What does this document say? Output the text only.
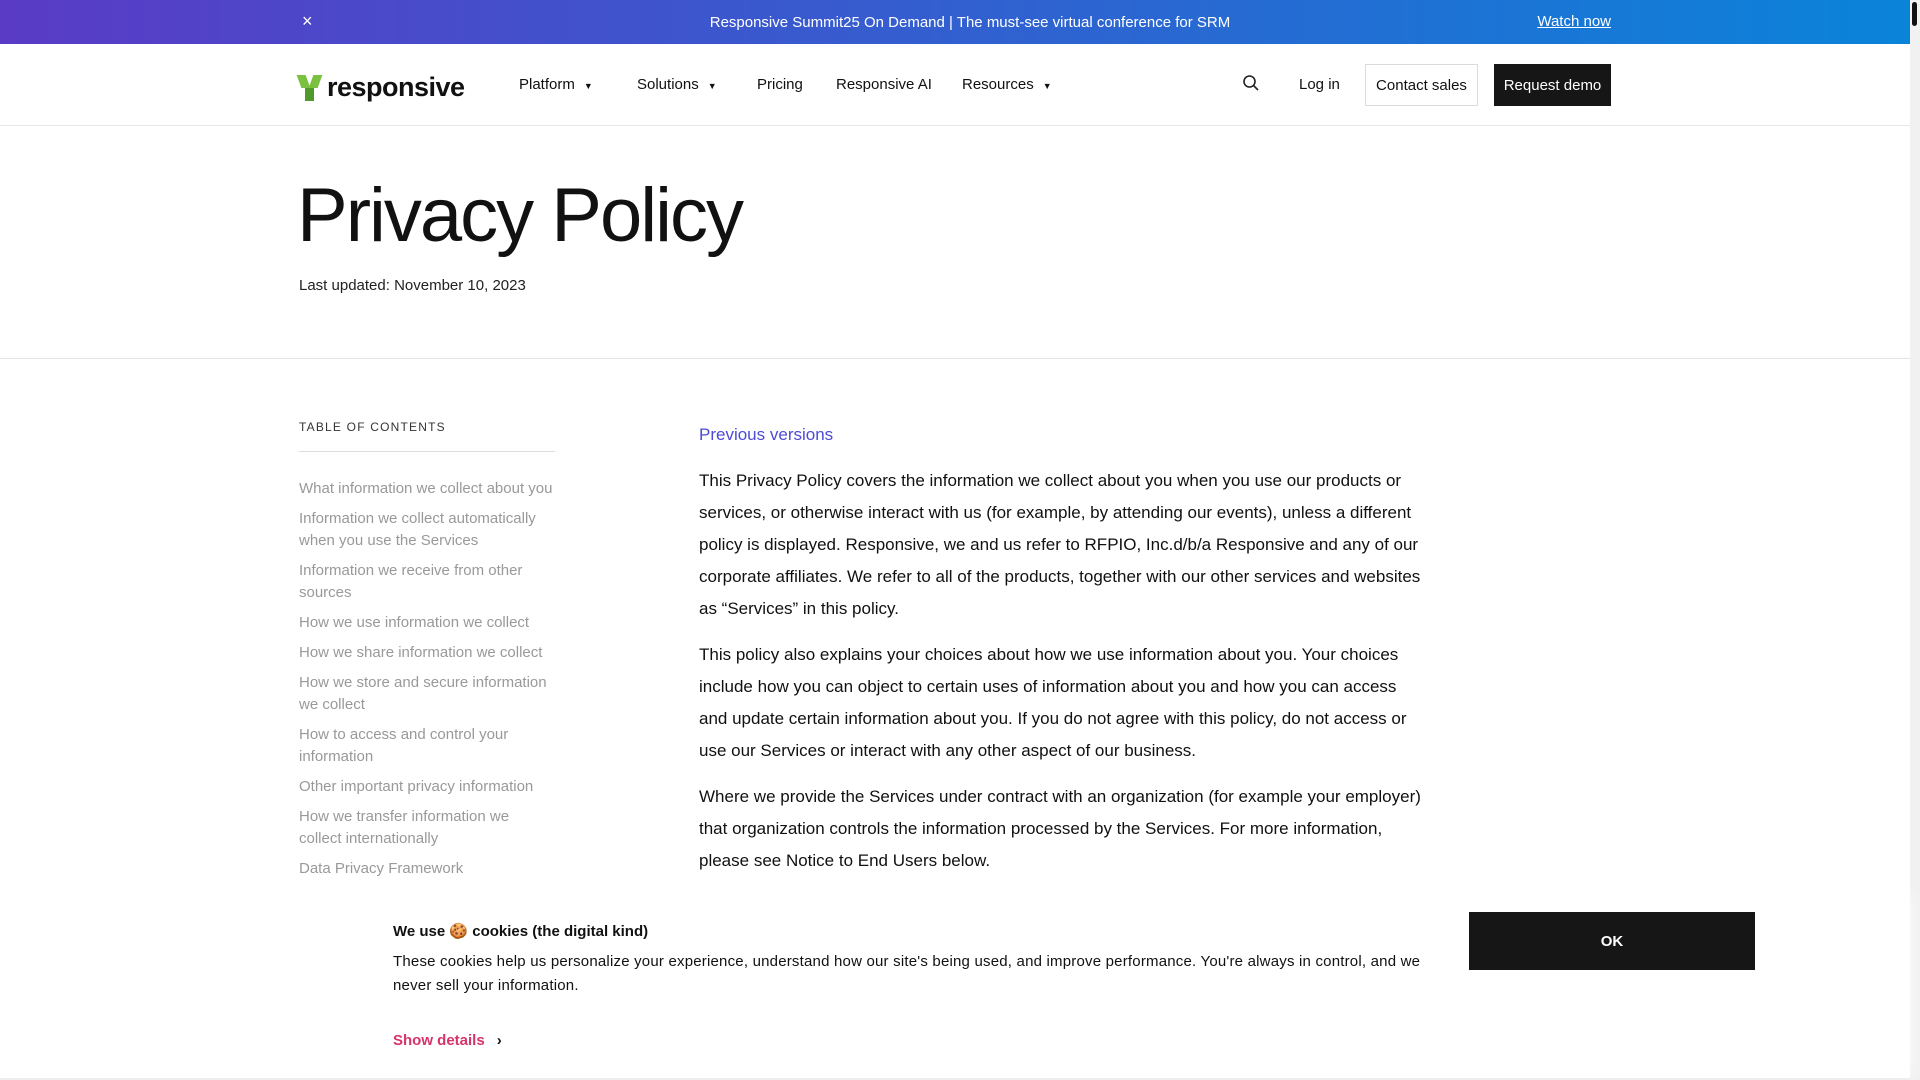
×	Responsive Summit25 On Demand | The must-see virtual conference for SRM	Watch now
responsive	Platform ▼	Solutions ▼	Pricing Responsive AI Resources ▼	Log in	Contact sales	Request demo
Privacy Policy
Last updated: November 10, 2023
TABLE OF CONTENTS
What information we collect about you
Information we collect automatically when you use the Services
Information we receive from other sources
How we use information we collect
How we share information we collect
How we store and secure information we collect
How to access and control your information
Other important privacy information
How we transfer information we collect internationally
Data Privacy Framework
Previous versions

This Privacy Policy covers the information we collect about you when you use our products or services, or otherwise interact with us (for example, by attending our events), unless a different policy is displayed. Responsive, we and us refer to RFPIO, Inc.d/b/a Responsive and any of our corporate affiliates. We refer to all of the products, together with our other services and websites as “Services” in this policy.

This policy also explains your choices about how we use information about you. Your choices include how you can object to certain uses of information about you and how you can access and update certain information about you. If you do not agree with this policy, do not access or use our Services or interact with any other aspect of our business.

Where we provide the Services under contract with an organization (for example your employer) that organization controls the information processed by the Services. For more information, please see Notice to End Users below.

We use 🍪 cookies (the digital kind)
These cookies help us personalize your experience, understand how our site's being used, and improve performance. You're always in control, and we never sell your information.
Show details ›
OK
